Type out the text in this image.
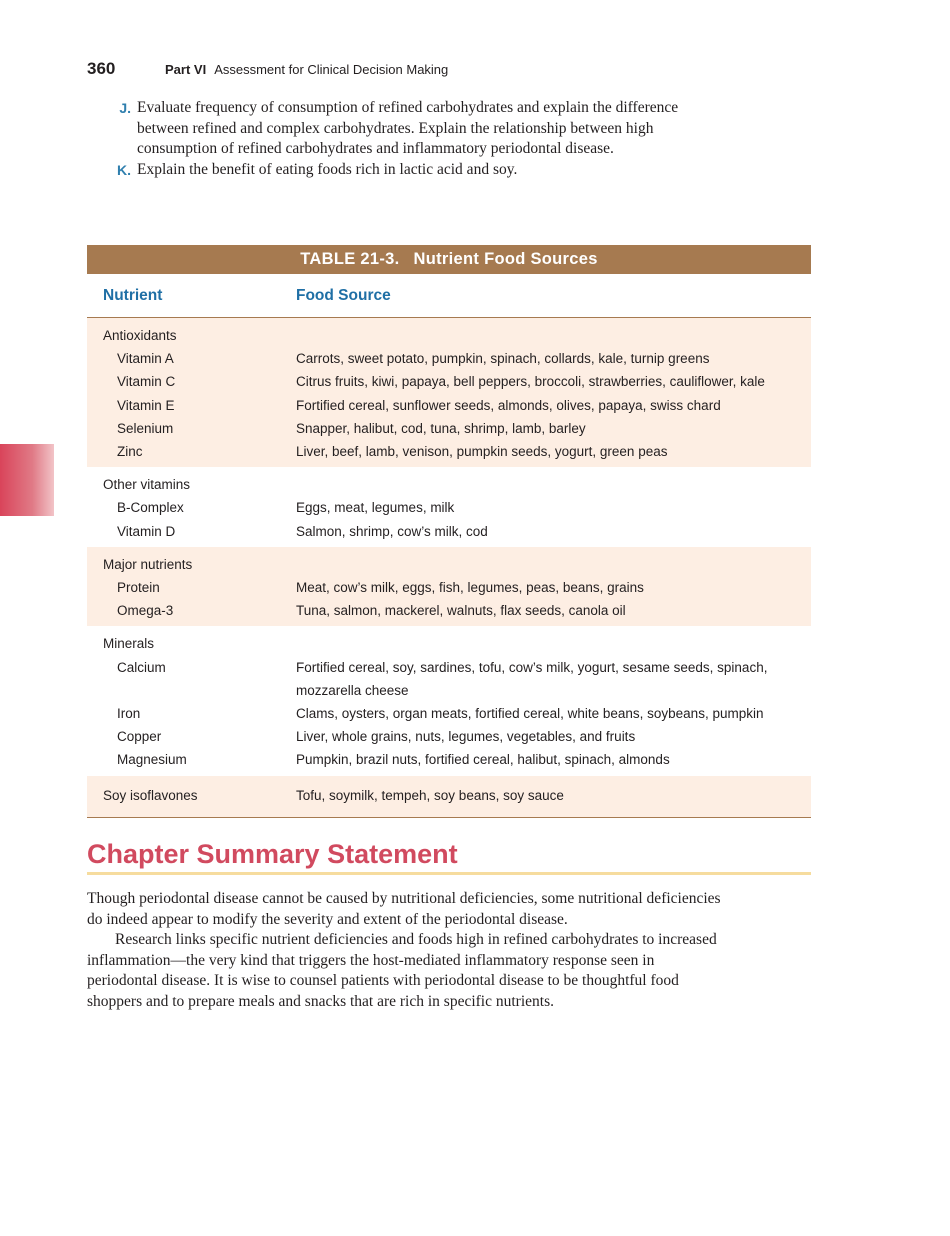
360	Part VI Assessment for Clinical Decision Making
J. Evaluate frequency of consumption of refined carbohydrates and explain the difference between refined and complex carbohydrates. Explain the relationship between high consumption of refined carbohydrates and inflammatory periodontal disease.
K. Explain the benefit of eating foods rich in lactic acid and soy.
TABLE 21-3. Nutrient Food Sources
Nutrient	Food Source
Antioxidants
Vitamin A	Carrots, sweet potato, pumpkin, spinach, collards, kale, turnip greens
Vitamin C	Citrus fruits, kiwi, papaya, bell peppers, broccoli, strawberries, cauliflower, kale
Vitamin E	Fortified cereal, sunflower seeds, almonds, olives, papaya, swiss chard
Selenium	Snapper, halibut, cod, tuna, shrimp, lamb, barley
Zinc	Liver, beef, lamb, venison, pumpkin seeds, yogurt, green peas
Other vitamins
B-Complex	Eggs, meat, legumes, milk
Vitamin D	Salmon, shrimp, cow’s milk, cod
Major nutrients
Protein	Meat, cow’s milk, eggs, fish, legumes, peas, beans, grains
Omega-3	Tuna, salmon, mackerel, walnuts, flax seeds, canola oil
Minerals
Calcium	Fortified cereal, soy, sardines, tofu, cow’s milk, yogurt, sesame seeds, spinach,
mozzarella cheese
Iron	Clams, oysters, organ meats, fortified cereal, white beans, soybeans, pumpkin
Copper	Liver, whole grains, nuts, legumes, vegetables, and fruits
Magnesium	Pumpkin, brazil nuts, fortified cereal, halibut, spinach, almonds
Soy isoflavones	Tofu, soymilk, tempeh, soy beans, soy sauce
Chapter Summary Statement

Though periodontal disease cannot be caused by nutritional deficiencies, some nutritional deficiencies do indeed appear to modify the severity and extent of the periodontal disease.

Research links specific nutrient deficiencies and foods high in refined carbohydrates to increased inflammation—the very kind that triggers the host-mediated inflammatory response seen in periodontal disease. It is wise to counsel patients with periodontal disease to be thoughtful food shoppers and to prepare meals and snacks that are rich in specific nutrients.
